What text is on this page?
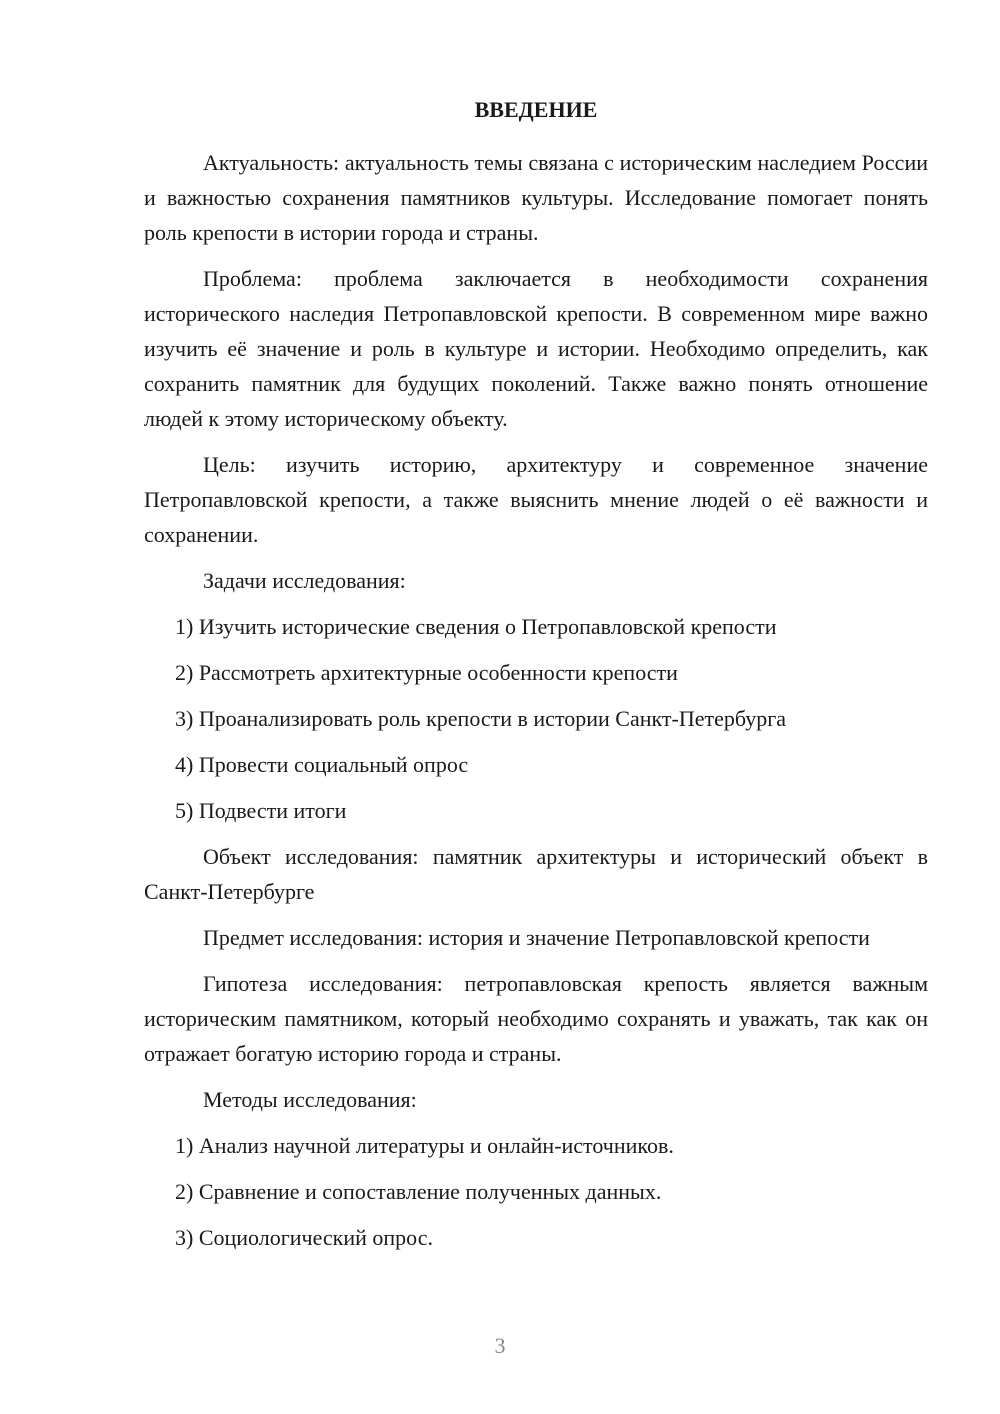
ВВЕДЕНИЕ

Актуальность: актуальность темы связана с историческим наследием России и важностью сохранения памятников культуры. Исследование помогает понять роль крепости в истории города и страны.

Проблема: проблема заключается в необходимости сохранения исторического наследия Петропавловской крепости. В современном мире важно изучить её значение и роль в культуре и истории. Необходимо определить, как сохранить памятник для будущих поколений. Также важно понять отношение людей к этому историческому объекту.

Цель: изучить историю, архитектуру и современное значение Петропавловской крепости, а также выяснить мнение людей о её важности и сохранении.

Задачи исследования:

1) Изучить исторические сведения о Петропавловской крепости

2) Рассмотреть архитектурные особенности крепости

3) Проанализировать роль крепости в истории Санкт-Петербурга

4) Провести социальный опрос

5) Подвести итоги

Объект исследования: памятник архитектуры и исторический объект в Санкт-Петербурге

Предмет исследования: история и значение Петропавловской крепости

Гипотеза исследования: петропавловская крепость является важным историческим памятником, который необходимо сохранять и уважать, так как он отражает богатую историю города и страны.

Методы исследования:

1) Анализ научной литературы и онлайн-источников.

2) Сравнение и сопоставление полученных данных.

3) Социологический опрос.

3
